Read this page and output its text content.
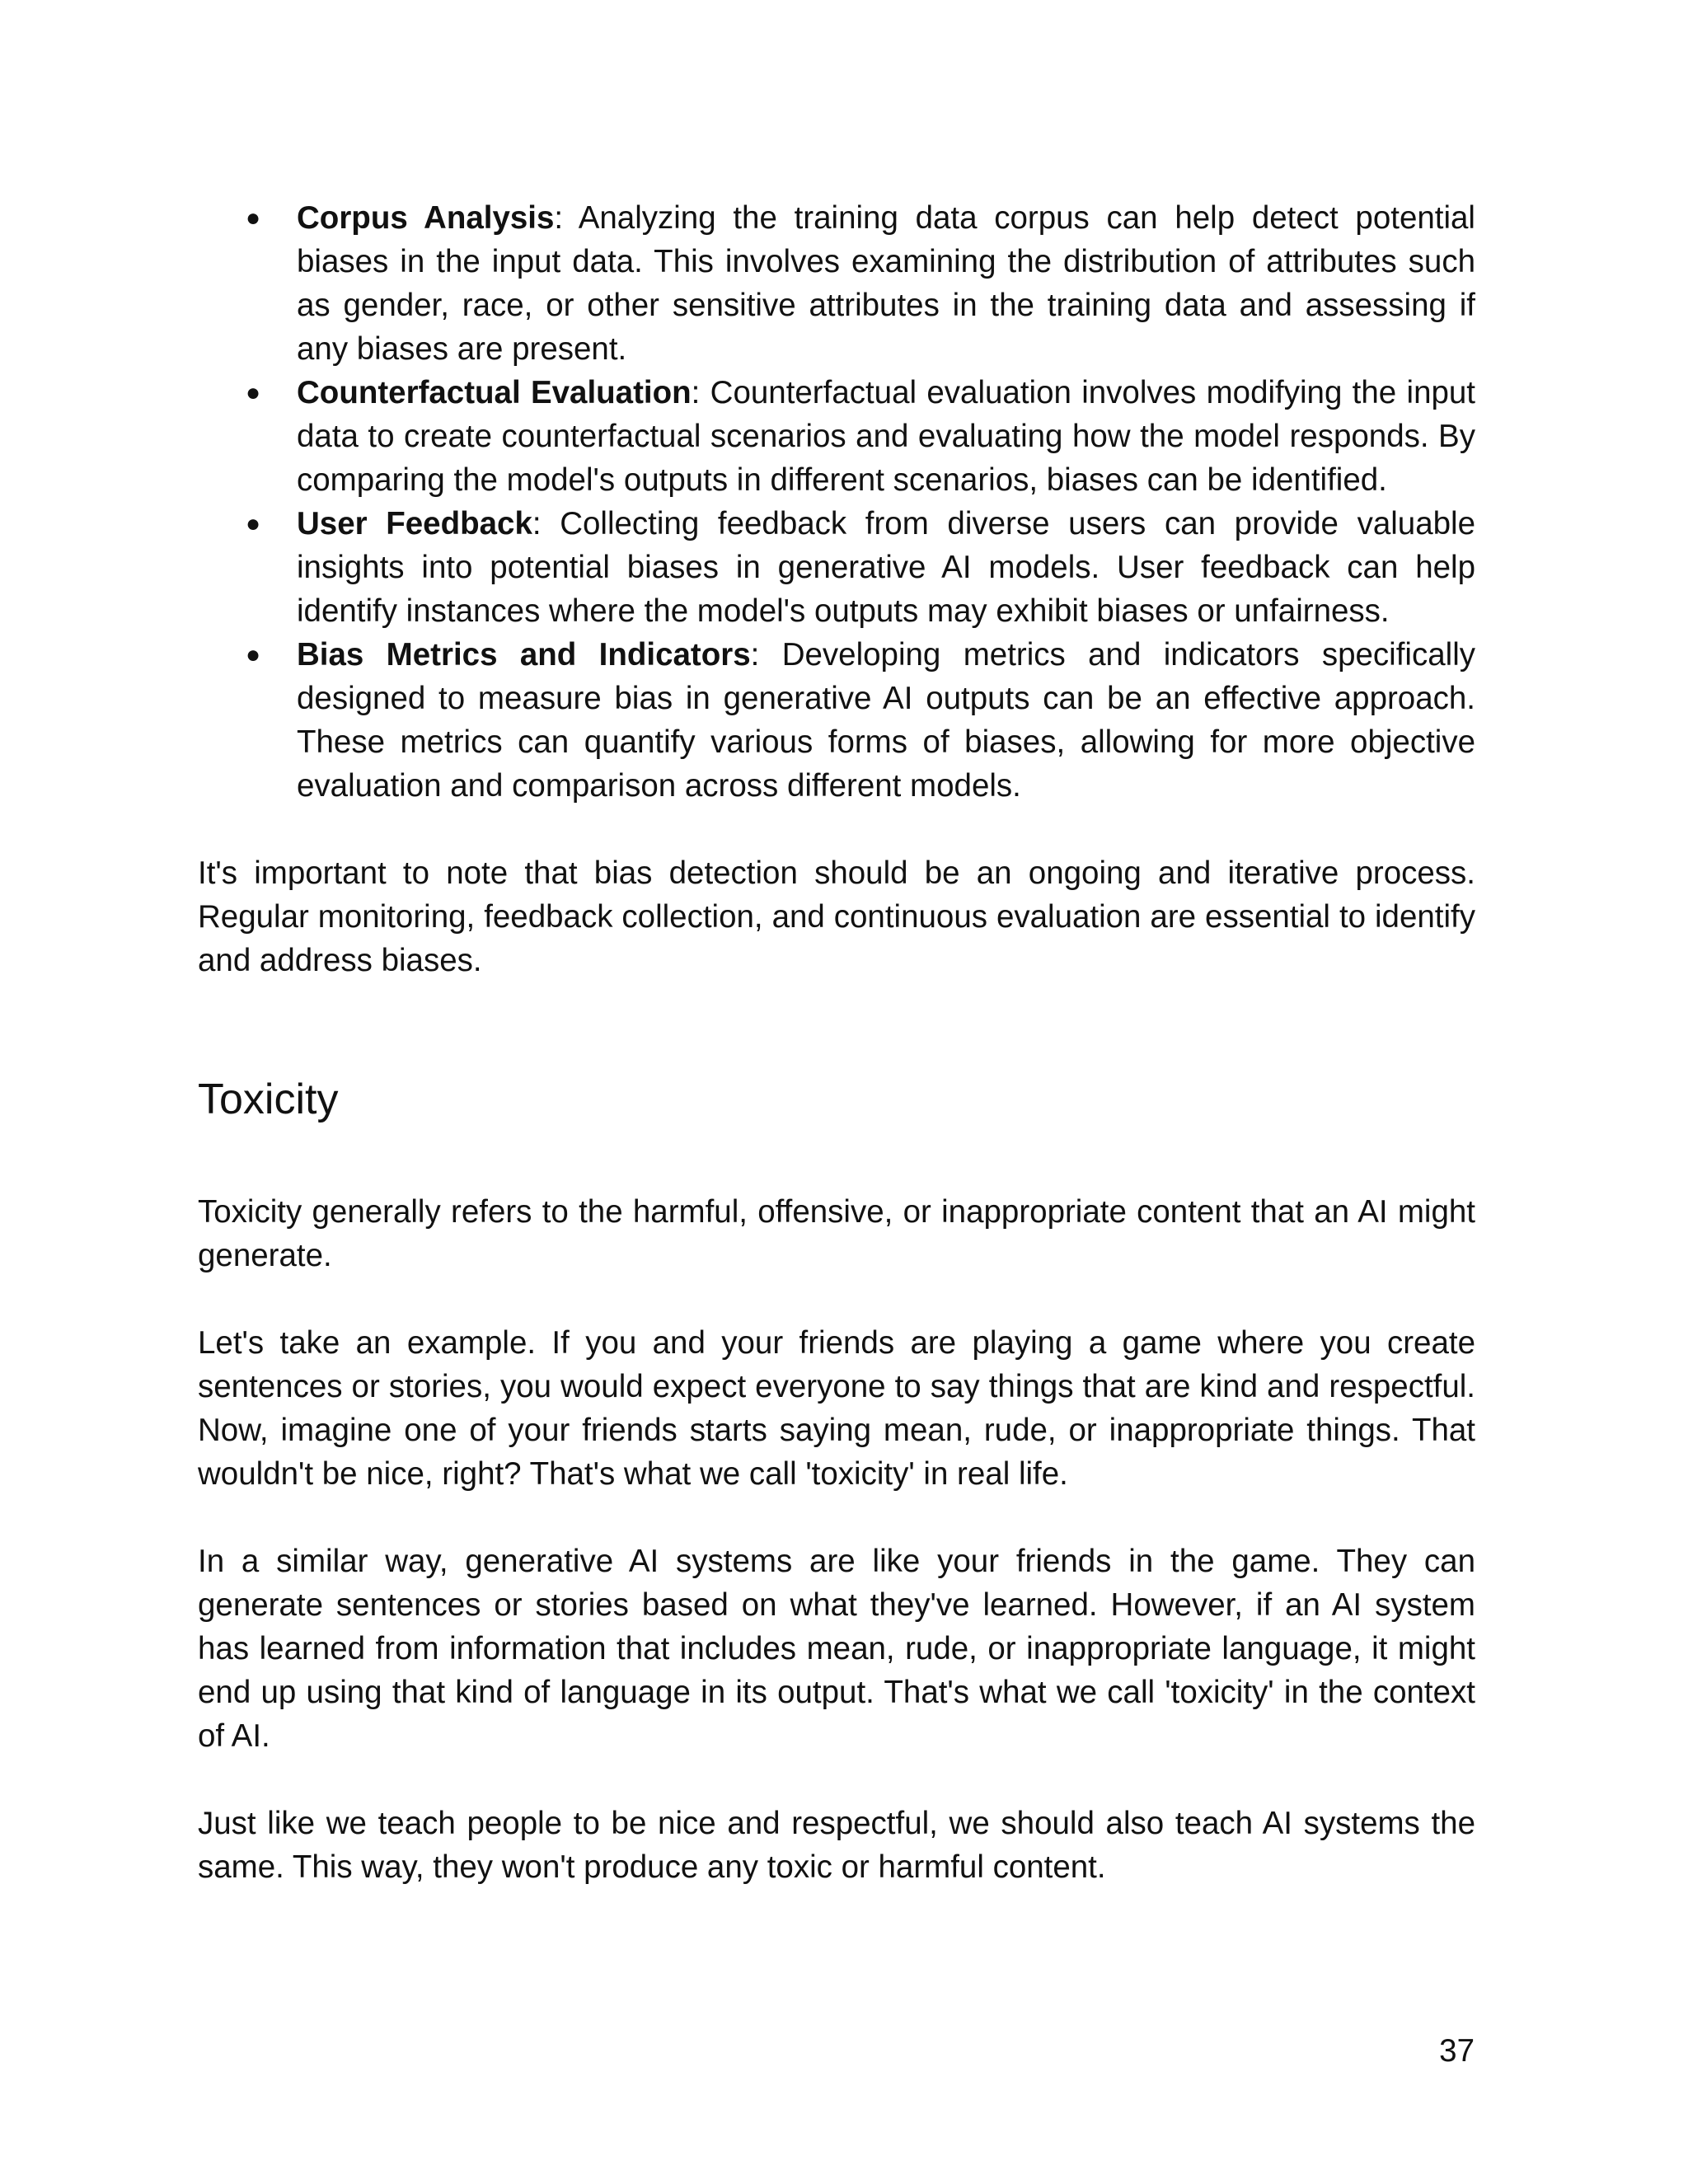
● Corpus Analysis: Analyzing the training data corpus can help detect potential biases in the input data. This involves examining the distribution of attributes such as gender, race, or other sensitive attributes in the training data and assessing if any biases are present.
● Counterfactual Evaluation: Counterfactual evaluation involves modifying the input data to create counterfactual scenarios and evaluating how the model responds. By comparing the model's outputs in different scenarios, biases can be identified.
● User Feedback: Collecting feedback from diverse users can provide valuable insights into potential biases in generative AI models. User feedback can help identify instances where the model's outputs may exhibit biases or unfairness.
● Bias Metrics and Indicators: Developing metrics and indicators specifically designed to measure bias in generative AI outputs can be an effective approach. These metrics can quantify various forms of biases, allowing for more objective evaluation and comparison across different models.

It's important to note that bias detection should be an ongoing and iterative process. Regular monitoring, feedback collection, and continuous evaluation are essential to identify and address biases.

Toxicity

Toxicity generally refers to the harmful, offensive, or inappropriate content that an AI might generate.

Let's take an example. If you and your friends are playing a game where you create sentences or stories, you would expect everyone to say things that are kind and respectful. Now, imagine one of your friends starts saying mean, rude, or inappropriate things. That wouldn't be nice, right? That's what we call 'toxicity' in real life.

In a similar way, generative AI systems are like your friends in the game. They can generate sentences or stories based on what they've learned. However, if an AI system has learned from information that includes mean, rude, or inappropriate language, it might end up using that kind of language in its output. That's what we call 'toxicity' in the context of AI.

Just like we teach people to be nice and respectful, we should also teach AI systems the same. This way, they won't produce any toxic or harmful content.

37
